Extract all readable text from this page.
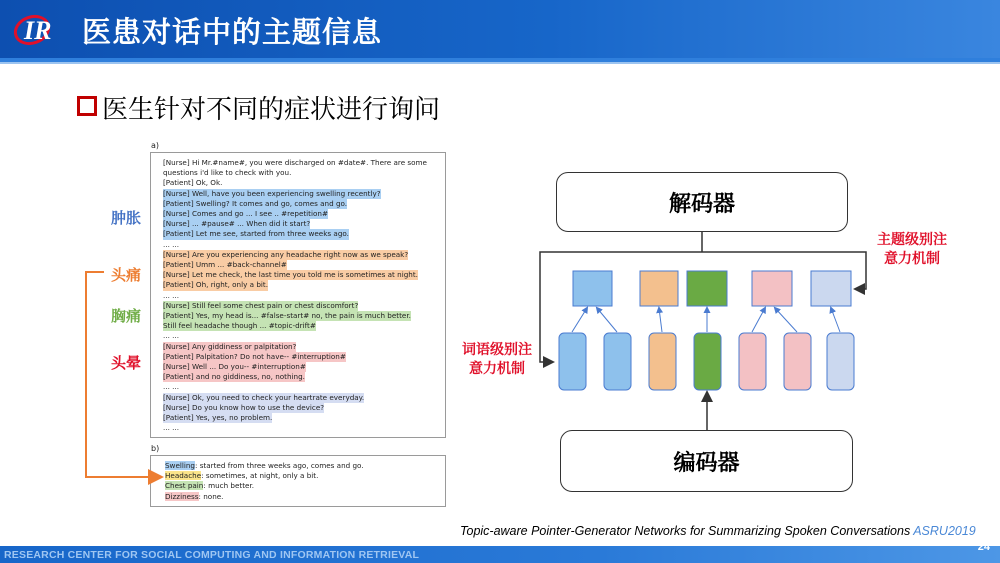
IR 医患对话中的主题信息
医生针对不同的症状进行询问
a)
[Nurse] Hi Mr.#name#, you were discharged on #date#. There are some
questions i'd like to check with you.
[Patient] Ok, Ok.
[Nurse] Well, have you been experiencing swelling recently?
[Patient] Swelling? It comes and go, comes and go.
[Nurse] Comes and go ... I see .. #repetition#
[Nurse] ... #pause# ... When did it start?
[Patient] Let me see, started from three weeks ago.
... ...
[Nurse] Are you experiencing any headache right now as we speak?
[Patient] Umm ... #back-channel#
[Nurse] Let me check, the last time you told me is sometimes at night.
[Patient] Oh, right, only a bit.
... ...
[Nurse] Still feel some chest pain or chest discomfort?
[Patient] Yes, my head is... #false-start# no, the pain is much better.
Still feel headache though ... #topic-drift#
... ...
[Nurse] Any giddiness or palpitation?
[Patient] Palpitation? Do not have-- #interruption#
[Nurse] Well ... Do you-- #interruption#
[Patient] and no giddiness, no, nothing.
... ...
[Nurse] Ok, you need to check your heartrate everyday.
[Nurse] Do you know how to use the device?
[Patient] Yes, yes, no problem.
... ...
b)
Swelling: started from three weeks ago, comes and go.
Headache: sometimes, at night, only a bit.
Chest pain: much better.
Dizziness: none.
肿胀
头痛
胸痛
头晕
解码器
编码器
主题级别注
意力机制
词语级别注
意力机制
Topic-aware Pointer-Generator Networks for Summarizing Spoken Conversations ASRU2019
RESEARCH CENTER FOR SOCIAL COMPUTING AND INFORMATION RETRIEVAL
24
